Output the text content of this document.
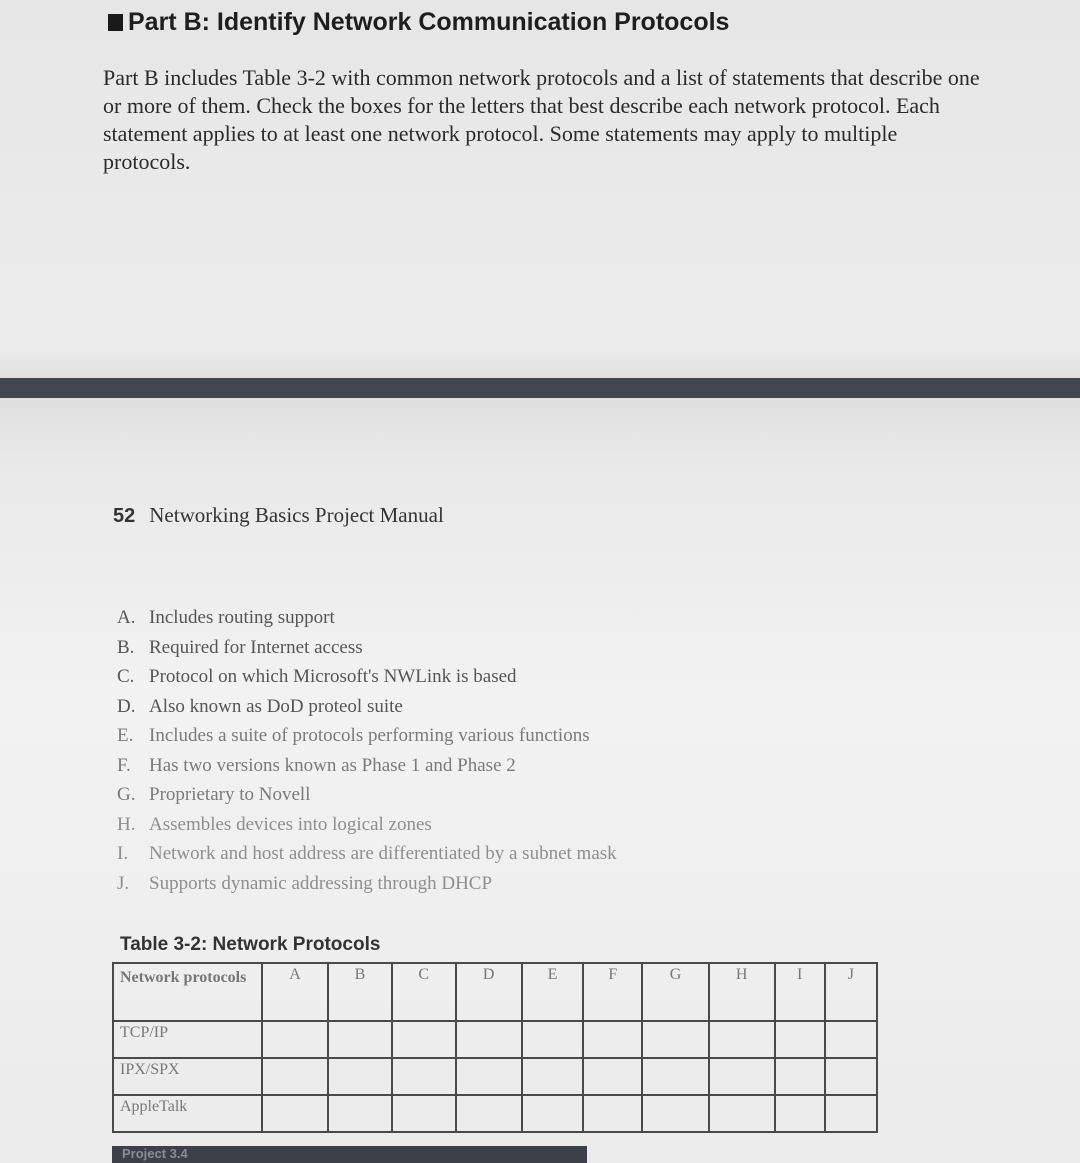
Part B: Identify Network Communication Protocols

Part B includes Table 3-2 with common network protocols and a list of statements that describe one or more of them. Check the boxes for the letters that best describe each network protocol. Each statement applies to at least one network protocol. Some statements may apply to multiple protocols.

52 Networking Basics Project Manual
A. Includes routing support
B. Required for Internet access
C. Protocol on which Microsoft's NWLink is based
D. Also known as DoD proteol suite
E. Includes a suite of protocols performing various functions
F. Has two versions known as Phase 1 and Phase 2
G. Proprietary to Novell
H. Assembles devices into logical zones
I.	Network and host address are differentiated by a subnet mask
J.	Supports dynamic addressing through DHCP

Table 3-2: Network Protocols

Network protocols	A	B	C	D	E	F	G	H	I	J
TCP/IP										
IPX/SPX										
AppleTalk										
Project 3.4
